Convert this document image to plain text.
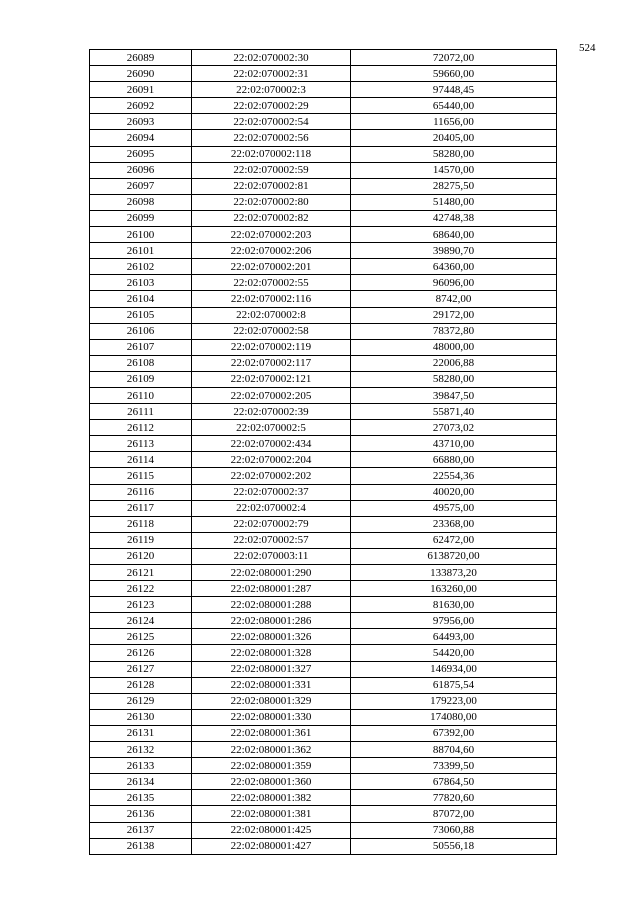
524
26089	22:02:070002:30	72072,00
26090	22:02:070002:31	59660,00
26091	22:02:070002:3	97448,45
26092	22:02:070002:29	65440,00
26093	22:02:070002:54	11656,00
26094	22:02:070002:56	20405,00
26095	22:02:070002:118	58280,00
26096	22:02:070002:59	14570,00
26097	22:02:070002:81	28275,50
26098	22:02:070002:80	51480,00
26099	22:02:070002:82	42748,38
26100	22:02:070002:203	68640,00
26101	22:02:070002:206	39890,70
26102	22:02:070002:201	64360,00
26103	22:02:070002:55	96096,00
26104	22:02:070002:116	8742,00
26105	22:02:070002:8	29172,00
26106	22:02:070002:58	78372,80
26107	22:02:070002:119	48000,00
26108	22:02:070002:117	22006,88
26109	22:02:070002:121	58280,00
26110	22:02:070002:205	39847,50
26111	22:02:070002:39	55871,40
26112	22:02:070002:5	27073,02
26113	22:02:070002:434	43710,00
26114	22:02:070002:204	66880,00
26115	22:02:070002:202	22554,36
26116	22:02:070002:37	40020,00
26117	22:02:070002:4	49575,00
26118	22:02:070002:79	23368,00
26119	22:02:070002:57	62472,00
26120	22:02:070003:11	6138720,00
26121	22:02:080001:290	133873,20
26122	22:02:080001:287	163260,00
26123	22:02:080001:288	81630,00
26124	22:02:080001:286	97956,00
26125	22:02:080001:326	64493,00
26126	22:02:080001:328	54420,00
26127	22:02:080001:327	146934,00
26128	22:02:080001:331	61875,54
26129	22:02:080001:329	179223,00
26130	22:02:080001:330	174080,00
26131	22:02:080001:361	67392,00
26132	22:02:080001:362	88704,60
26133	22:02:080001:359	73399,50
26134	22:02:080001:360	67864,50
26135	22:02:080001:382	77820,60
26136	22:02:080001:381	87072,00
26137	22:02:080001:425	73060,88
26138	22:02:080001:427	50556,18
